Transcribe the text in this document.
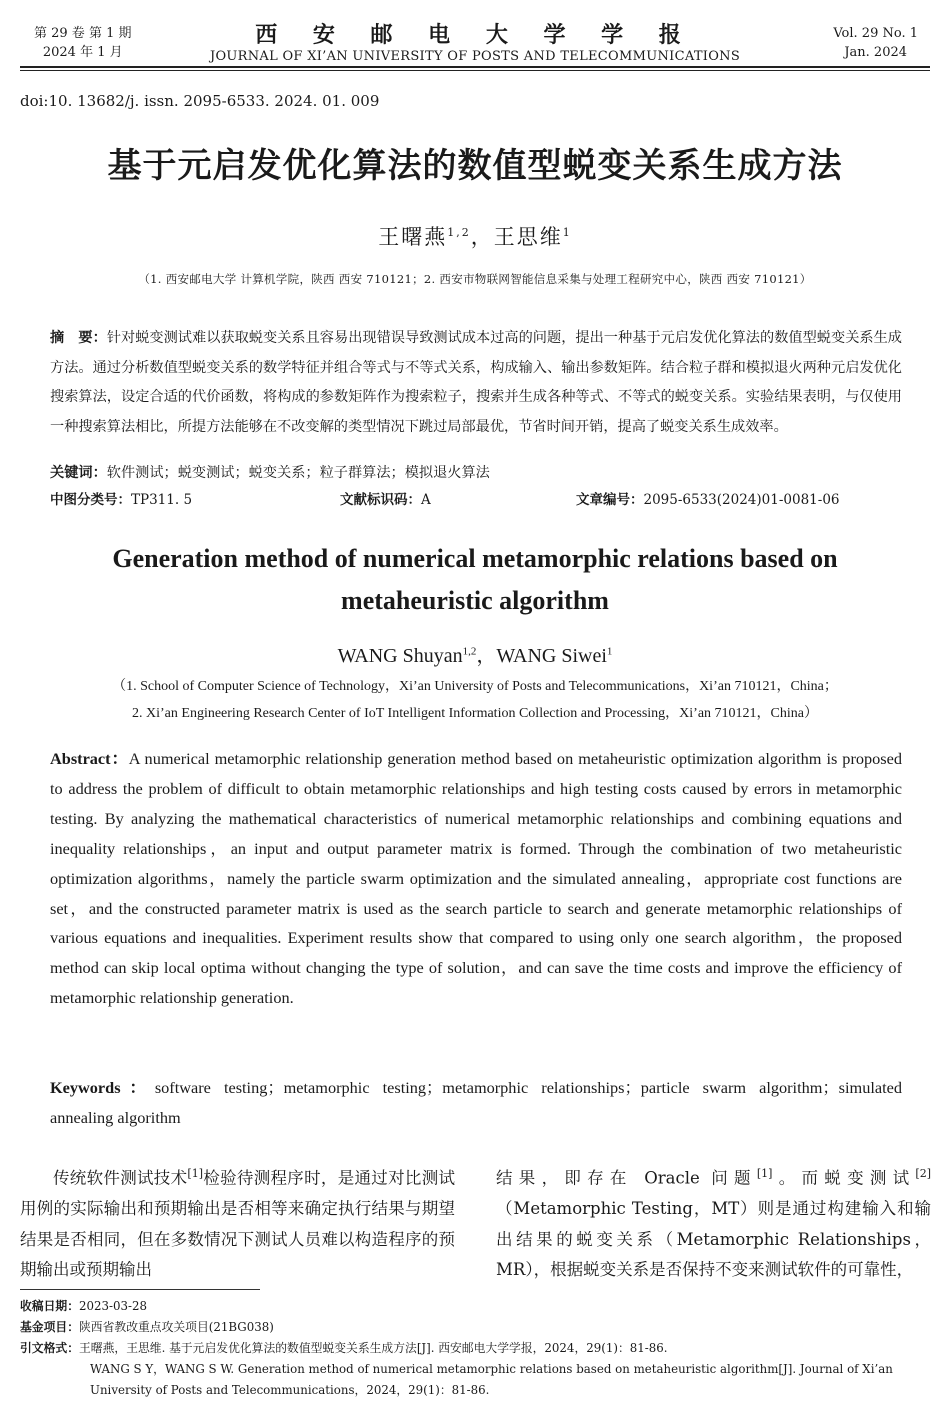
第 29 卷 第 1 期
2024 年 1 月
西 安 邮 电 大 学 学 报
JOURNAL OF XI’AN UNIVERSITY OF POSTS AND TELECOMMUNICATIONS
Vol. 29 No. 1
Jan. 2024
doi:10. 13682/j. issn. 2095-6533. 2024. 01. 009
基于元启发优化算法的数值型蜕变关系生成方法
王曙燕$^{1,2}$，王思维$^1$
（1. 西安邮电大学 计算机学院，陕西 西安 710121；2. 西安市物联网智能信息采集与处理工程研究中心，陕西 西安 710121）
摘　要：针对蜕变测试难以获取蜕变关系且容易出现错误导致测试成本过高的问题，提出一种基于元启发优化算法的数值型蜕变关系生成方法。通过分析数值型蜕变关系的数学特征并组合等式与不等式关系，构成输入、输出参数矩阵。结合粒子群和模拟退火两种元启发优化搜索算法，设定合适的代价函数，将构成的参数矩阵作为搜索粒子，搜索并生成各种等式、不等式的蜕变关系。实验结果表明，与仅使用一种搜索算法相比，所提方法能够在不改变解的类型情况下跳过局部最优，节省时间开销，提高了蜕变关系生成效率。
关键词：软件测试；蜕变测试；蜕变关系；粒子群算法；模拟退火算法
中图分类号：TP311. 5	文献标识码：A	文章编号：2095-6533(2024)01-0081-06
Generation method of numerical metamorphic relations based on metaheuristic algorithm
WANG Shuyan$^{1,2}$，WANG Siwei$^1$
（1. School of Computer Science of Technology，Xi’an University of Posts and Telecommunications，Xi’an 710121，China；
2. Xi’an Engineering Research Center of IoT Intelligent Information Collection and Processing，Xi’an 710121，China）
Abstract：A numerical metamorphic relationship generation method based on metaheuristic optimization algorithm is proposed to address the problem of difficult to obtain metamorphic relationships and high testing costs caused by errors in metamorphic testing. By analyzing the mathematical characteristics of numerical metamorphic relationships and combining equations and inequality relationships，an input and output parameter matrix is formed. Through the combination of two metaheuristic optimization algorithms，namely the particle swarm optimization and the simulated annealing，appropriate cost functions are set，and the constructed parameter matrix is used as the search particle to search and generate metamorphic relationships of various equations and inequalities. Experiment results show that compared to using only one search algorithm，the proposed method can skip local optima without changing the type of solution，and can save the time costs and improve the efficiency of metamorphic relationship generation.
Keywords：software testing；metamorphic testing；metamorphic relationships；particle swarm algorithm；simulated annealing algorithm
传统软件测试技术[1]检验待测程序时，是通过对比测试用例的实际输出和预期输出是否相等来确定执行结果与期望结果是否相同，但在多数情况下测试人员难以构造程序的预期输出或预期输出
结果，即存在 Oracle 问题[1]。而蜕变测试[2]（Metamorphic Testing，MT）则是通过构建输入和输出结果的蜕变关系（Metamorphic Relationships，MR），根据蜕变关系是否保持不变来测试软件的可靠性，
收稿日期：2023-03-28
基金项目：陕西省教改重点攻关项目(21BG038)
引文格式：王曙燕，王思维. 基于元启发优化算法的数值型蜕变关系生成方法[J]. 西安邮电大学学报，2024，29(1)：81-86.
WANG S Y，WANG S W. Generation method of numerical metamorphic relations based on metaheuristic algorithm[J]. Journal of Xi’an University of Posts and Telecommunications，2024，29(1)：81-86.
